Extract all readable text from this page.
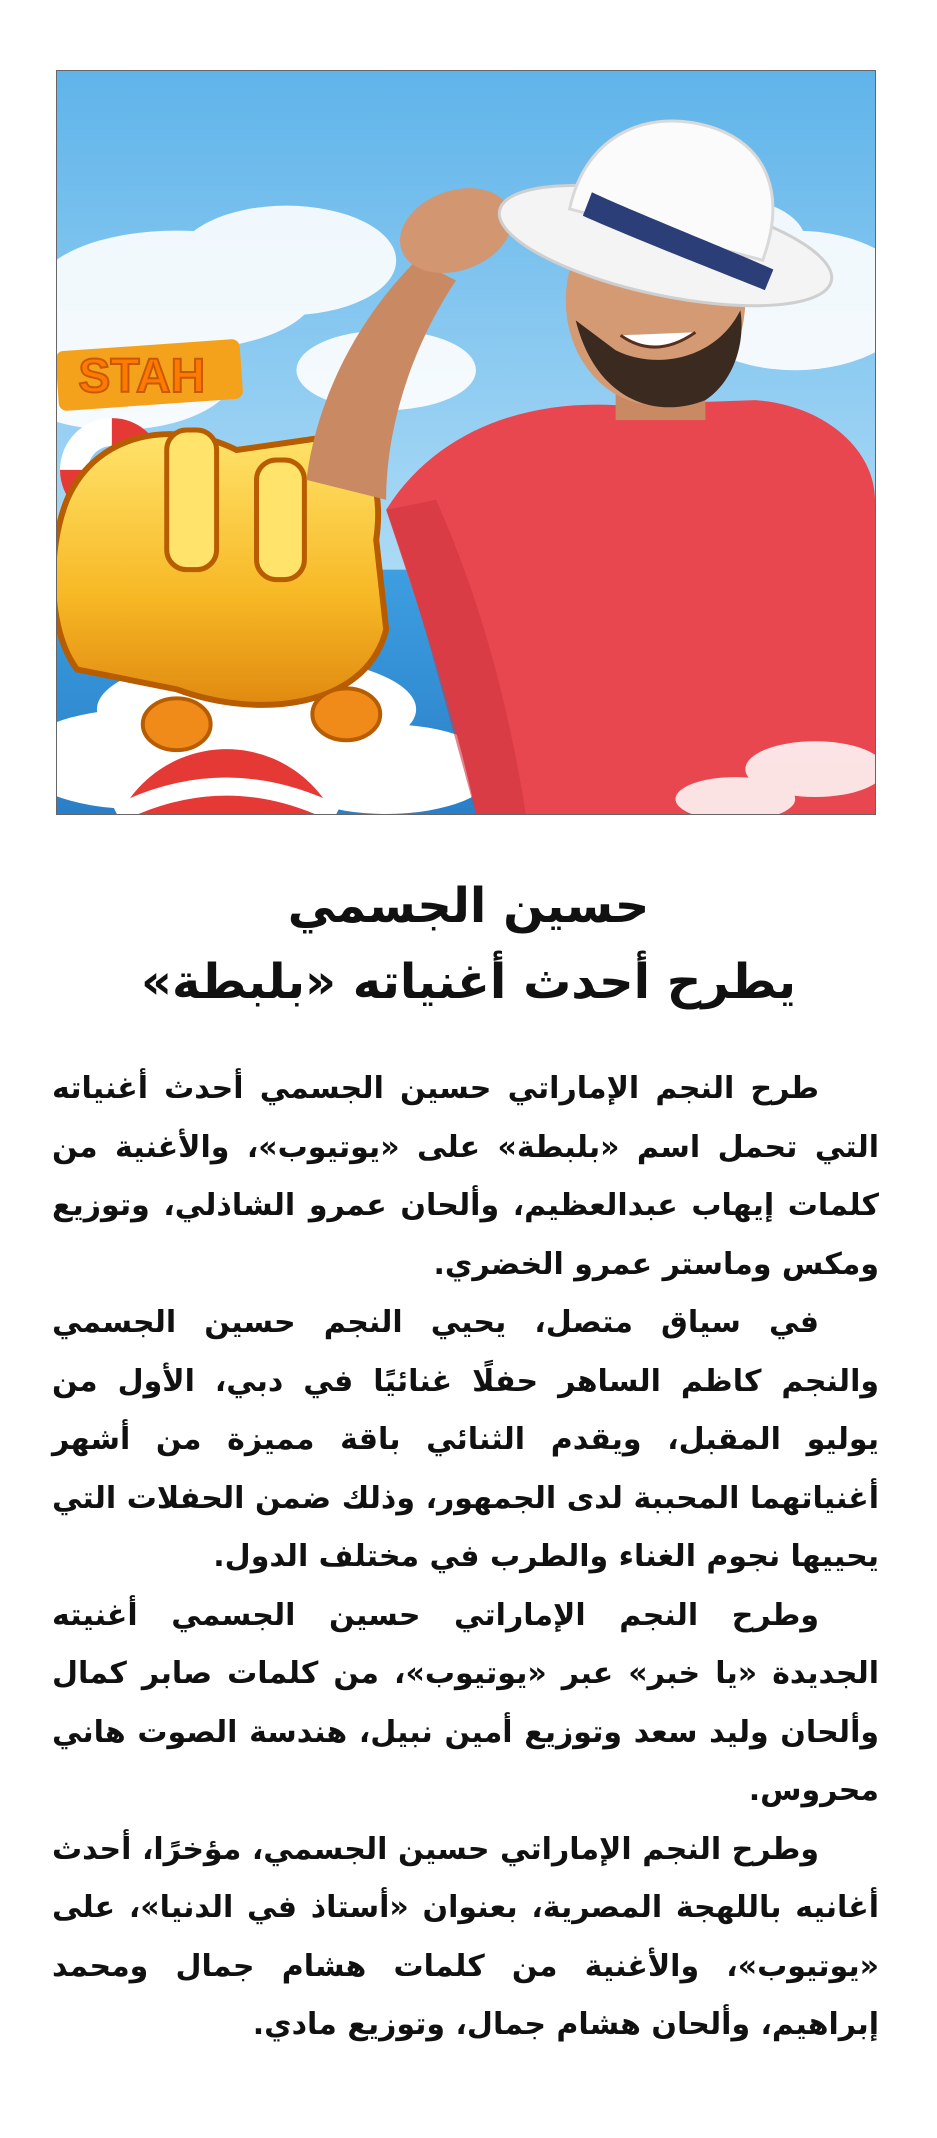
STAH
حسين الجسمي
يطرح أحدث أغنياته «بلبطة»

طرح النجم الإماراتي حسين الجسمي أحدث أغنياته التي تحمل اسم «بلبطة» على «يوتيوب»، والأغنية من كلمات إيهاب عبدالعظيم، وألحان عمرو الشاذلي، وتوزيع ومكس وماستر عمرو الخضري.

في سياق متصل، يحيي النجم حسين الجسمي والنجم كاظم الساهر حفلًا غنائيًا في دبي، الأول من يوليو المقبل، ويقدم الثنائي باقة مميزة من أشهر أغنياتهما المحببة لدى الجمهور، وذلك ضمن الحفلات التي يحييها نجوم الغناء والطرب في مختلف الدول.

وطرح النجم الإماراتي حسين الجسمي أغنيته الجديدة «يا خبر» عبر «يوتيوب»، من كلمات صابر كمال وألحان وليد سعد وتوزيع أمين نبيل، هندسة الصوت هاني محروس.

وطرح النجم الإماراتي حسين الجسمي، مؤخرًا، أحدث أغانيه باللهجة المصرية، بعنوان «أستاذ في الدنيا»، على «يوتيوب»، والأغنية من كلمات هشام جمال ومحمد إبراهيم، وألحان هشام جمال، وتوزيع مادي.
